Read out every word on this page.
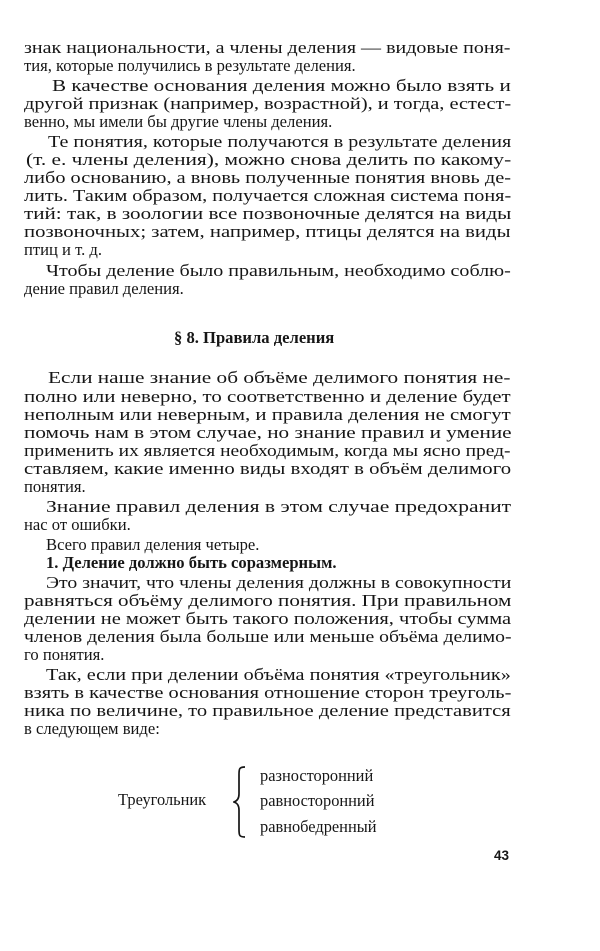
знак национальности, а члены деления — видовые поня-
тия, которые получились в результате деления.
В качестве основания деления можно было взять и
другой признак (например, возрастной), и тогда, естест-
венно, мы имели бы другие члены деления.
Те понятия, которые получаются в результате деления
(т. е. члены деления), можно снова делить по какому-
либо основанию, а вновь полученные понятия вновь де-
лить. Таким образом, получается сложная система поня-
тий: так, в зоологии все позвоночные делятся на виды
позвоночных; затем, например, птицы делятся на виды
птиц и т. д.
Чтобы деление было правильным, необходимо соблю-
дение правил деления.
Если наше знание об объёме делимого понятия не-
полно или неверно, то соответственно и деление будет
неполным или неверным, и правила деления не смогут
помочь нам в этом случае, но знание правил и умение
применить их является необходимым, когда мы ясно пред-
ставляем, какие именно виды входят в объём делимого
понятия.
Знание правил деления в этом случае предохранит
нас от ошибки.
Всего правил деления четыре.
1. Деление должно быть соразмерным.
Это значит, что члены деления должны в совокупности
равняться объёму делимого понятия. При правильном
делении не может быть такого положения, чтобы сумма
членов деления была больше или меньше объёма делимо-
го понятия.
Так, если при делении объёма понятия «треугольник»
взять в качестве основания отношение сторон треуголь-
ника по величине, то правильное деление представится
в следующем виде:
§ 8. Правила деления
Треугольник
разносторонний
равносторонний
равнобедренный
43
